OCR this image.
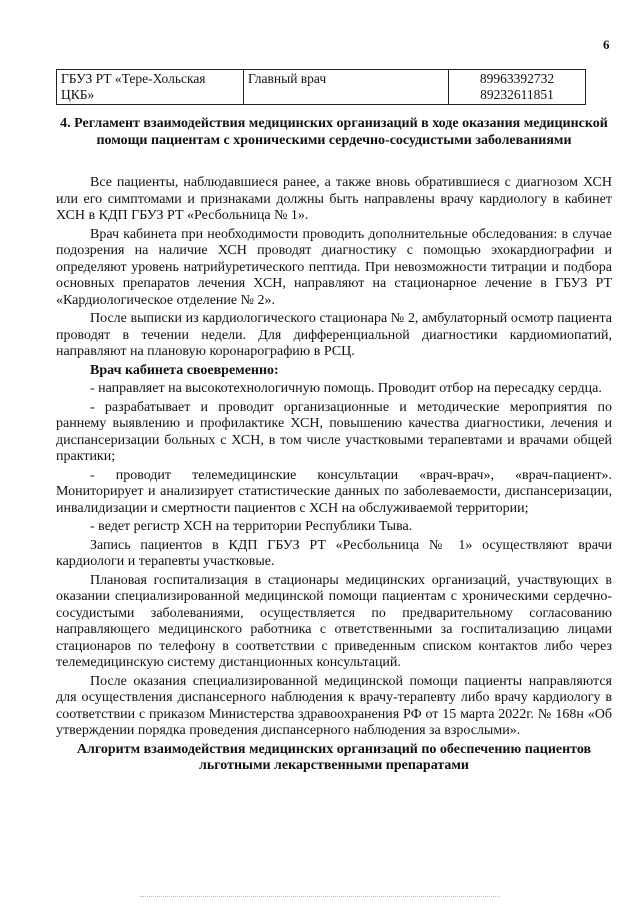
6
ГБУЗ РТ «Тере-Хольская ЦКБ»	Главный врач	89963392732
89232611851
4. Регламент взаимодействия медицинских организаций в ходе оказания медицинской помощи пациентам с хроническими сердечно-сосудистыми заболеваниями
Все пациенты, наблюдавшиеся ранее, а также вновь обратившиеся с диагнозом ХСН или его симптомами и признаками должны быть направлены врачу кардиологу в кабинет ХСН в КДП ГБУЗ РТ «Ресбольница № 1».
Врач кабинета при необходимости проводить дополнительные обследования: в случае подозрения на наличие ХСН проводят диагностику с помощью эхокардиографии и определяют уровень натрийуретического пептида. При невозможности титрации и подбора основных препаратов лечения ХСН, направляют на стационарное лечение в ГБУЗ РТ «Кардиологическое отделение № 2».
После выписки из кардиологического стационара № 2, амбулаторный осмотр пациента проводят в течении недели. Для дифференциальной диагностики кардиомиопатий, направляют на плановую коронарографию в РСЦ.
Врач кабинета своевременно:
- направляет на высокотехнологичную помощь. Проводит отбор на пересадку сердца.
- разрабатывает и проводит организационные и методические мероприятия по раннему выявлению и профилактике ХСН, повышению качества диагностики, лечения и диспансеризации больных с ХСН, в том числе участковыми терапевтами и врачами общей практики;
- проводит телемедицинские консультации «врач-врач», «врач-пациент». Мониторирует и анализирует статистические данных по заболеваемости, диспансеризации, инвалидизации и смертности пациентов с ХСН на обслуживаемой территории;
- ведет регистр ХСН на территории Республики Тыва.
Запись пациентов в КДП ГБУЗ РТ «Ресбольница № 1» осуществляют врачи кардиологи и терапевты участковые.
Плановая госпитализация в стационары медицинских организаций, участвующих в оказании специализированной медицинской помощи пациентам с хроническими сердечно-сосудистыми заболеваниями, осуществляется по предварительному согласованию направляющего медицинского работника с ответственными за госпитализацию лицами стационаров по телефону в соответствии с приведенным списком контактов либо через телемедицинскую систему дистанционных консультаций.
После оказания специализированной медицинской помощи пациенты направляются для осуществления диспансерного наблюдения к врачу-терапевту либо врачу кардиологу в соответствии с приказом Министерства здравоохранения РФ от 15 марта 2022г. № 168н «Об утверждении порядка проведения диспансерного наблюдения за взрослыми».
Алгоритм взаимодействия медицинских организаций по обеспечению пациентов льготными лекарственными препаратами
